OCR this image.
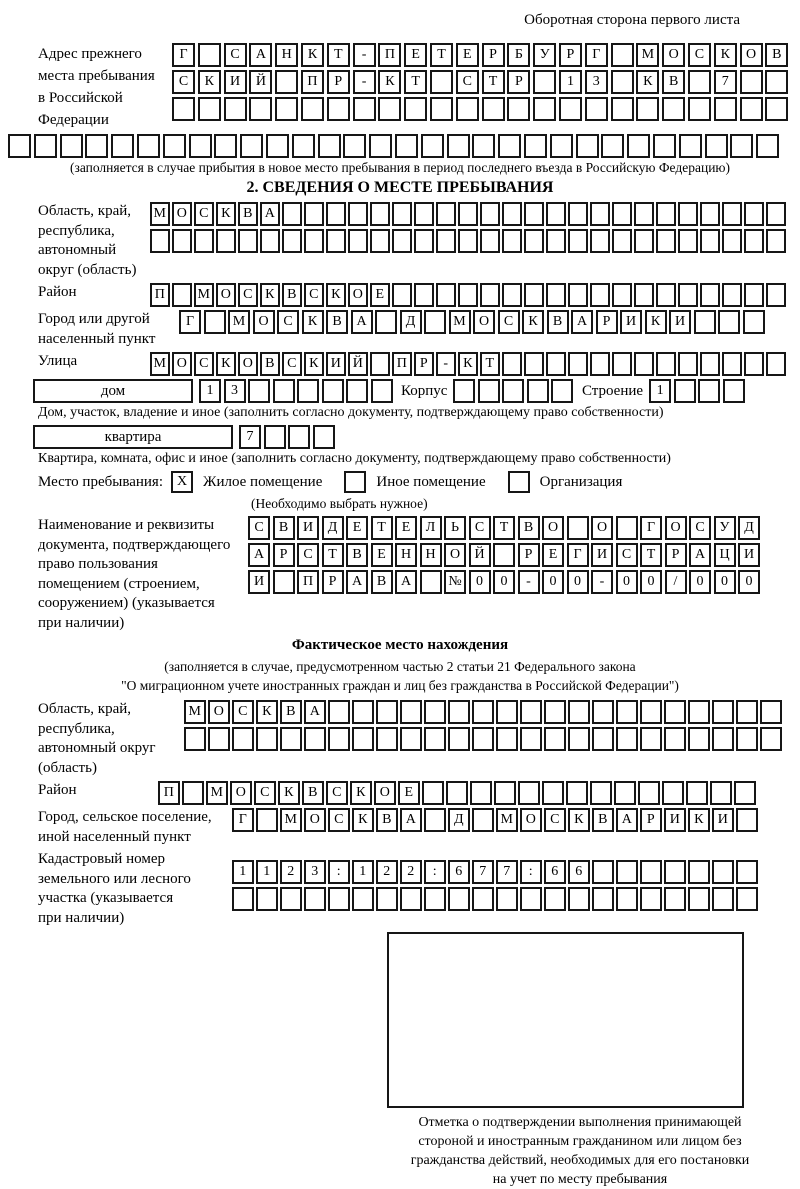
Оборотная сторона первого листа
Адрес прежнего
места пребывания
в Российской
Федерации
Г	С	А	Н	К	Т	-	П	Е	Т	Е	Р	Б	У	Р	Г	М	О	С	К	О	В
С	К	И	Й	П	Р	-	К	Т	С	Т	Р	1	3	К	В	7
(заполняется в случае прибытия в новое место пребывания в период последнего въезда в Российскую Федерацию)
2. СВЕДЕНИЯ О МЕСТЕ ПРЕБЫВАНИЯ
Область, край,
республика,
автономный
округ (область)
М О С К В А
Район	П	М О С К В С К О Е
Город или другой
населенный пункт
Г	М О	С	К	В	А	Д	М О	С	К	В	А	Р	И	К	И
Улица	М О С К О В С К И Й	П Р	-	К Т
дом	1	3	Корпус	Строение 1
Дом, участок, владение и иное (заполнить согласно документу, подтверждающему право собственности)
квартира	7
Квартира, комната, офис и иное (заполнить согласно документу, подтверждающему право собственности)
Место пребывания: X	Жилое помещение	Иное помещение	Организация
(Необходимо выбрать нужное)
Наименование и реквизиты
документа, подтверждающего
право пользования
помещением (строением,
сооружением) (указывается
при наличии)
С	В	И	Д	Е	Т	Е	Л	Ь	С	Т	В	О	О	Г	О	С	У	Д
А	Р	С	Т	В	Е	Н	Н	О	Й	Р	Е	Г	И	С	Т	Р	А	Ц	И
И	П	Р	А	В	А	№	0	0	-	0	0	-	0	0	/	0	0	0
Фактическое место нахождения
(заполняется в случае, предусмотренном частью 2 статьи 21 Федерального закона
"О миграционном учете иностранных граждан и лиц без гражданства в Российской Федерации")
Область, край,
республика,
автономный округ
(область)
М О	С	К	В	А
Район	П	М О	С	К	В	С	К	О	Е
Город, сельское поселение,
иной населенный пункт
Г	М О	С	К	В	А	Д	М О	С	К	В	А	Р	И	К	И
Кадастровый номер
земельного или лесного
участка (указывается
при наличии)
1	1	2	3	:	1	2	2	:	6	7	7	:	6	6
Отметка о подтверждении выполнения принимающей
стороной и иностранным гражданином или лицом без
гражданства действий, необходимых для его постановки
на учет по месту пребывания
